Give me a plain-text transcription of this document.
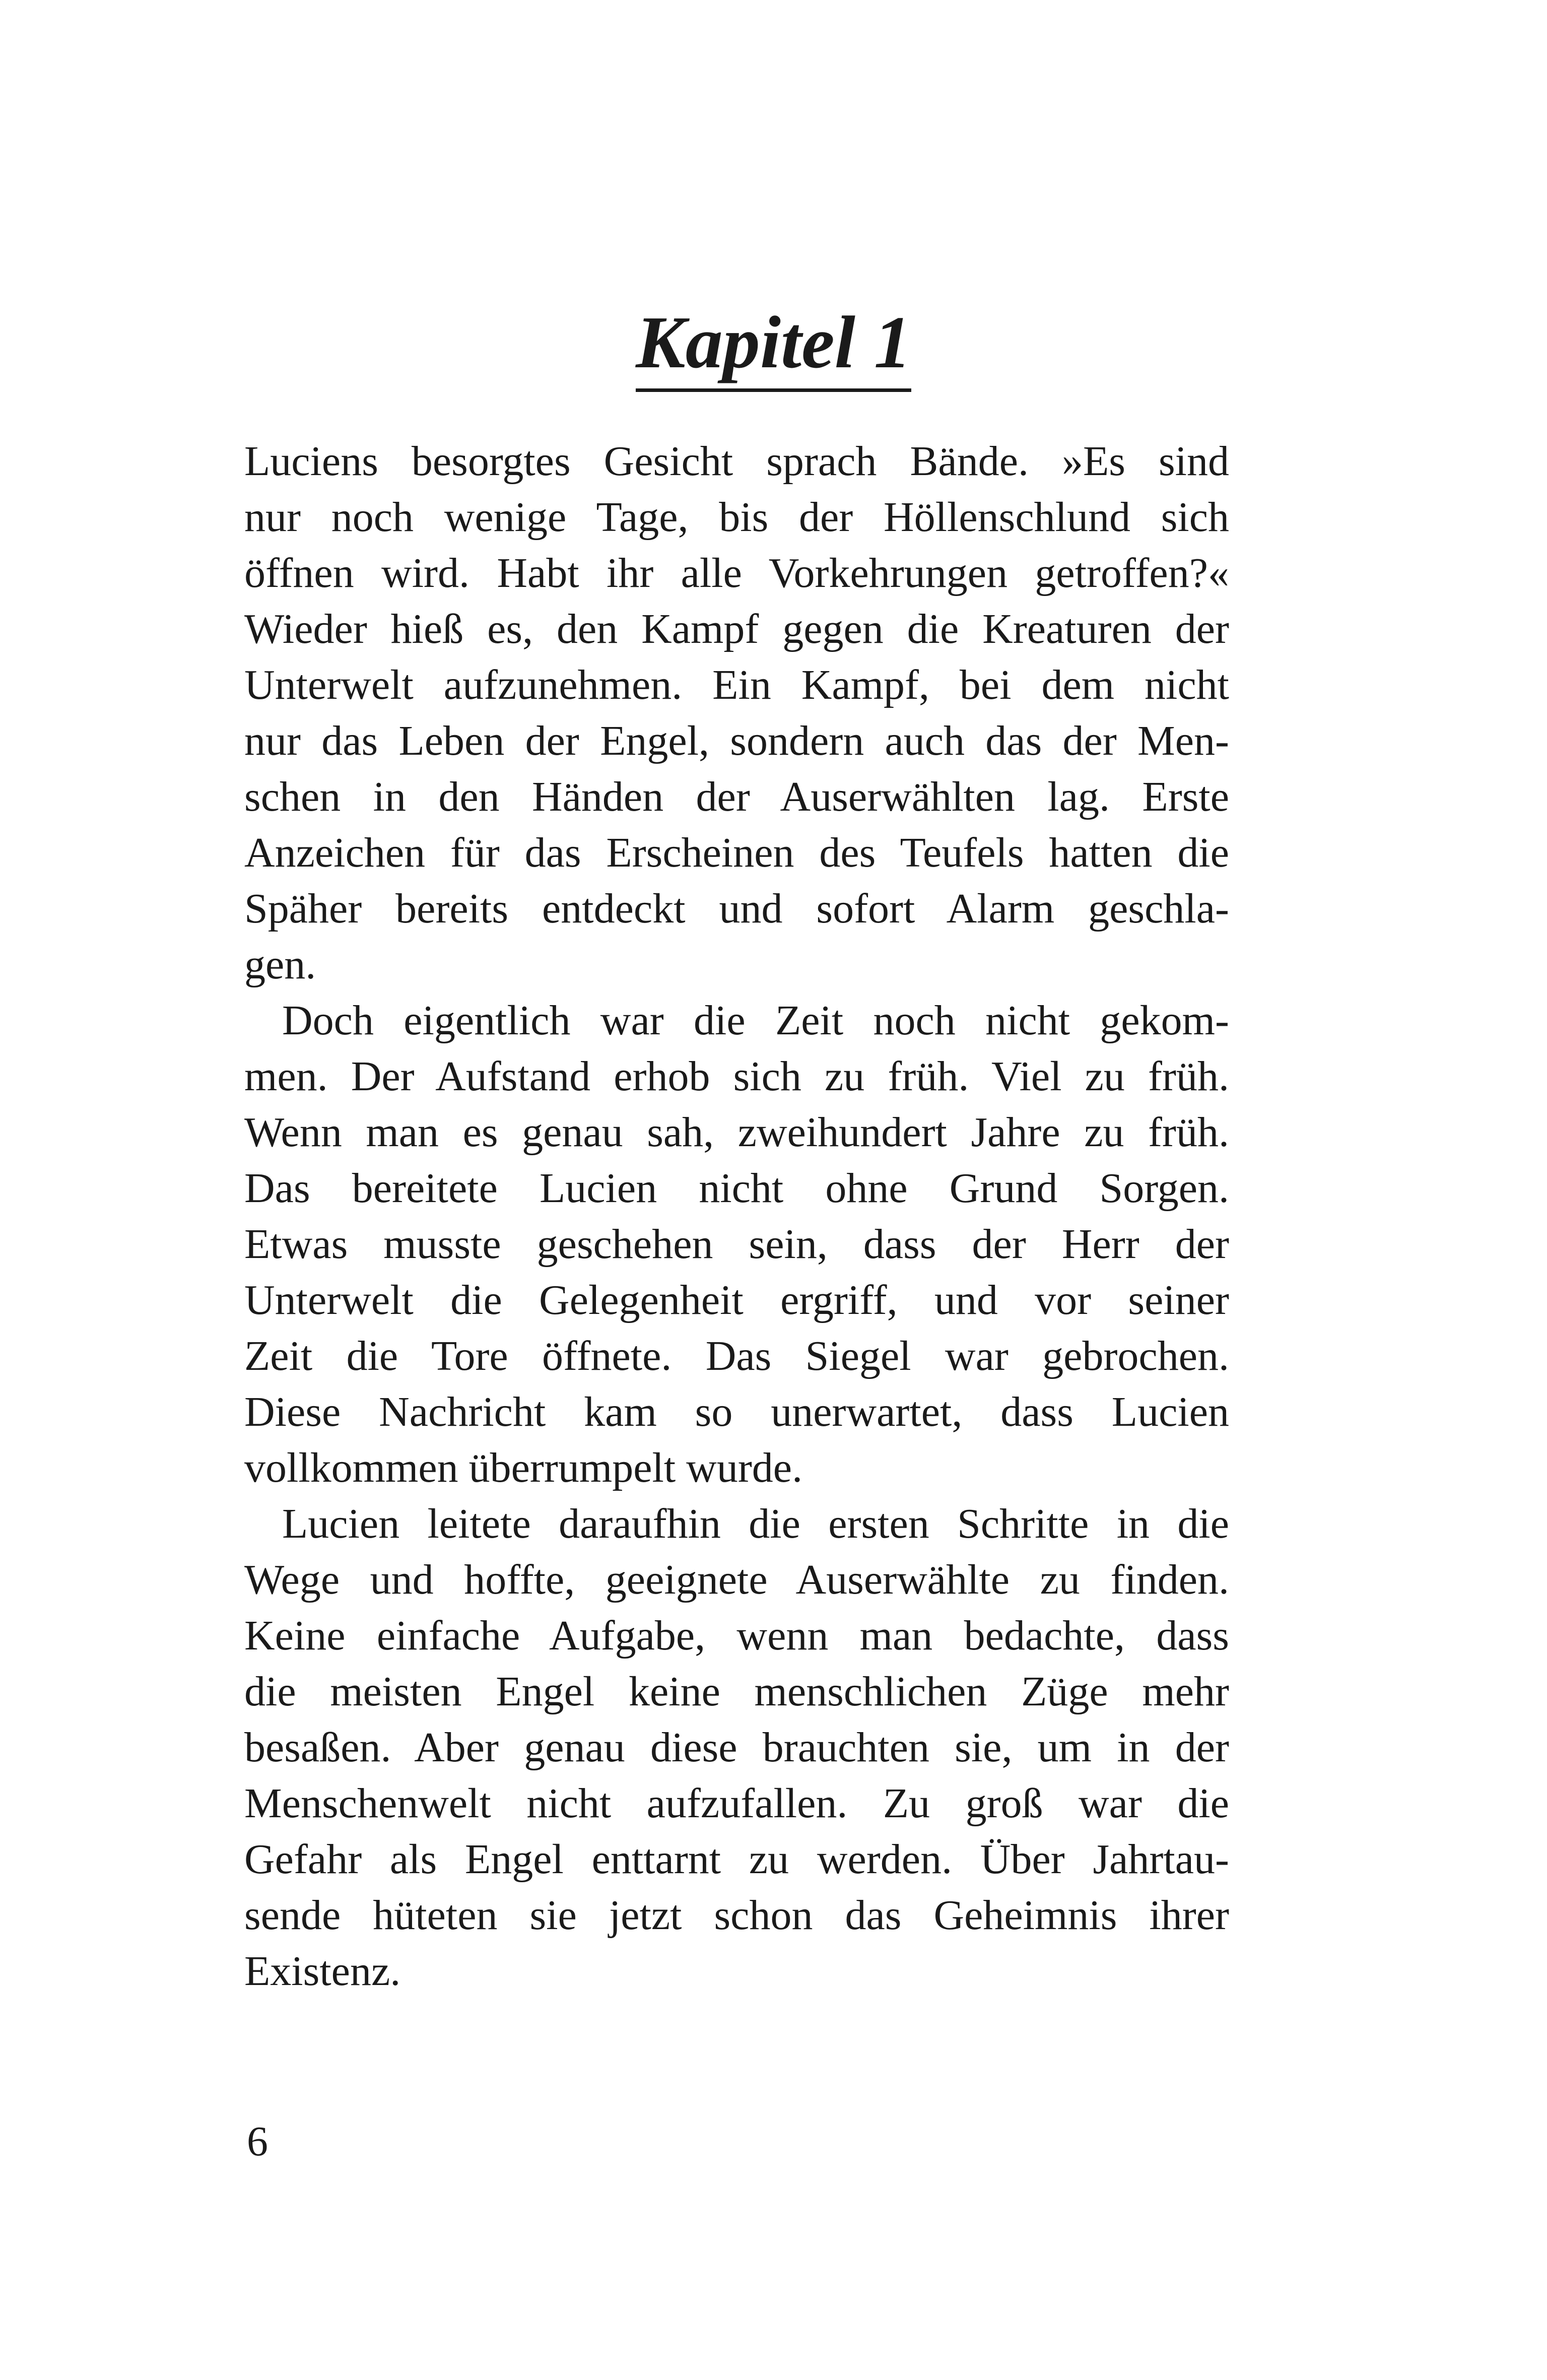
Kapitel 1
Luciens besorgtes Gesicht sprach Bände. »Es sind
nur noch wenige Tage, bis der Höllenschlund sich
öffnen wird. Habt ihr alle Vorkehrungen getroffen?«
Wieder hieß es, den Kampf gegen die Kreaturen der
Unterwelt aufzunehmen. Ein Kampf, bei dem nicht
nur das Leben der Engel, sondern auch das der Men-
schen in den Händen der Auserwählten lag. Erste
Anzeichen für das Erscheinen des Teufels hatten die
Späher bereits entdeckt und sofort Alarm geschla-
gen.
Doch eigentlich war die Zeit noch nicht gekom-
men. Der Aufstand erhob sich zu früh. Viel zu früh.
Wenn man es genau sah, zweihundert Jahre zu früh.
Das bereitete Lucien nicht ohne Grund Sorgen.
Etwas musste geschehen sein, dass der Herr der
Unterwelt die Gelegenheit ergriff, und vor seiner
Zeit die Tore öffnete. Das Siegel war gebrochen.
Diese Nachricht kam so unerwartet, dass Lucien
vollkommen überrumpelt wurde.
Lucien leitete daraufhin die ersten Schritte in die
Wege und hoffte, geeignete Auserwählte zu finden.
Keine einfache Aufgabe, wenn man bedachte, dass
die meisten Engel keine menschlichen Züge mehr
besaßen. Aber genau diese brauchten sie, um in der
Menschenwelt nicht aufzufallen. Zu groß war die
Gefahr als Engel enttarnt zu werden. Über Jahrtau-
sende hüteten sie jetzt schon das Geheimnis ihrer
Existenz.
6
